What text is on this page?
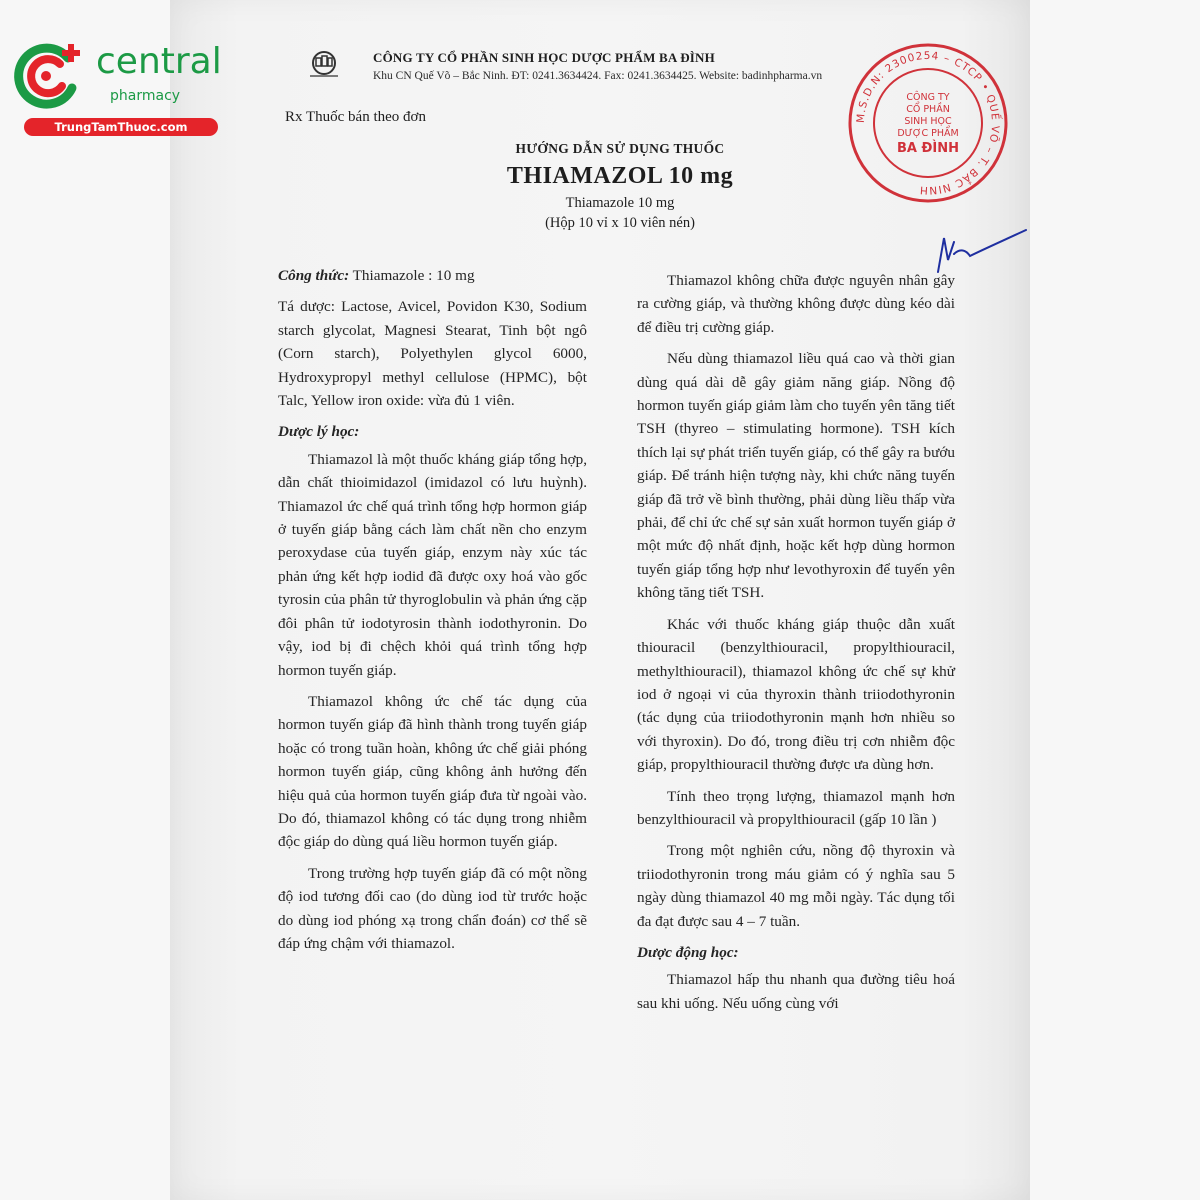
central
pharmacy
TrungTamThuoc.com
CÔNG TY CỔ PHẦN SINH HỌC DƯỢC PHẨM BA ĐÌNH
Khu CN Quế Võ – Bắc Ninh. ĐT: 0241.3634424. Fax: 0241.3634425. Website: badinhpharma.vn
M.S.D.N: 2300254 – CTCP • QUẾ VÕ – T. BẮC NINH
CÔNG TY
CỔ PHẦN
SINH HỌC
DƯỢC PHẨM
BA ĐÌNH
Rx Thuốc bán theo đơn
HƯỚNG DẪN SỬ DỤNG THUỐC
THIAMAZOL 10 mg
Thiamazole 10 mg
(Hộp 10 vỉ x 10 viên nén)

Công thức: Thiamazole : 10 mg

Tá dược: Lactose, Avicel, Povidon K30, Sodium starch glycolat, Magnesi Stearat, Tinh bột ngô (Corn starch), Polyethylen glycol 6000, Hydroxypropyl methyl cellulose (HPMC), bột Talc, Yellow iron oxide: vừa đủ 1 viên.

Dược lý học:

Thiamazol là một thuốc kháng giáp tổng hợp, dẫn chất thioimidazol (imidazol có lưu huỳnh). Thiamazol ức chế quá trình tổng hợp hormon giáp ở tuyến giáp bằng cách làm chất nền cho enzym peroxydase của tuyến giáp, enzym này xúc tác phản ứng kết hợp iodid đã được oxy hoá vào gốc tyrosin của phân tử thyroglobulin và phản ứng cặp đôi phân tử iodotyrosin thành iodothyronin. Do vậy, iod bị đi chệch khỏi quá trình tổng hợp hormon tuyến giáp.

Thiamazol không ức chế tác dụng của hormon tuyến giáp đã hình thành trong tuyến giáp hoặc có trong tuần hoàn, không ức chế giải phóng hormon tuyến giáp, cũng không ảnh hưởng đến hiệu quả của hormon tuyến giáp đưa từ ngoài vào. Do đó, thiamazol không có tác dụng trong nhiễm độc giáp do dùng quá liều hormon tuyến giáp.

Trong trường hợp tuyến giáp đã có một nồng độ iod tương đối cao (do dùng iod từ trước hoặc do dùng iod phóng xạ trong chẩn đoán) cơ thể sẽ đáp ứng chậm với thiamazol.

Thiamazol không chữa được nguyên nhân gây ra cường giáp, và thường không được dùng kéo dài để điều trị cường giáp.

Nếu dùng thiamazol liều quá cao và thời gian dùng quá dài dễ gây giảm năng giáp. Nồng độ hormon tuyến giáp giảm làm cho tuyến yên tăng tiết TSH (thyreo – stimulating hormone). TSH kích thích lại sự phát triển tuyến giáp, có thể gây ra bướu giáp. Để tránh hiện tượng này, khi chức năng tuyến giáp đã trở về bình thường, phải dùng liều thấp vừa phải, để chỉ ức chế sự sản xuất hormon tuyến giáp ở một mức độ nhất định, hoặc kết hợp dùng hormon tuyến giáp tổng hợp như levothyroxin để tuyến yên không tăng tiết TSH.

Khác với thuốc kháng giáp thuộc dẫn xuất thiouracil (benzylthiouracil, propylthiouracil, methylthiouracil), thiamazol không ức chế sự khử iod ở ngoại vi của thyroxin thành triiodothyronin (tác dụng của triiodothyronin mạnh hơn nhiều so với thyroxin). Do đó, trong điều trị cơn nhiễm độc giáp, propylthiouracil thường được ưa dùng hơn.

Tính theo trọng lượng, thiamazol mạnh hơn benzylthiouracil và propylthiouracil (gấp 10 lần )

Trong một nghiên cứu, nồng độ thyroxin và triiodothyronin trong máu giảm có ý nghĩa sau 5 ngày dùng thiamazol 40 mg mỗi ngày. Tác dụng tối đa đạt được sau 4 – 7 tuần.

Dược động học:

Thiamazol hấp thu nhanh qua đường tiêu hoá sau khi uống. Nếu uống cùng với
